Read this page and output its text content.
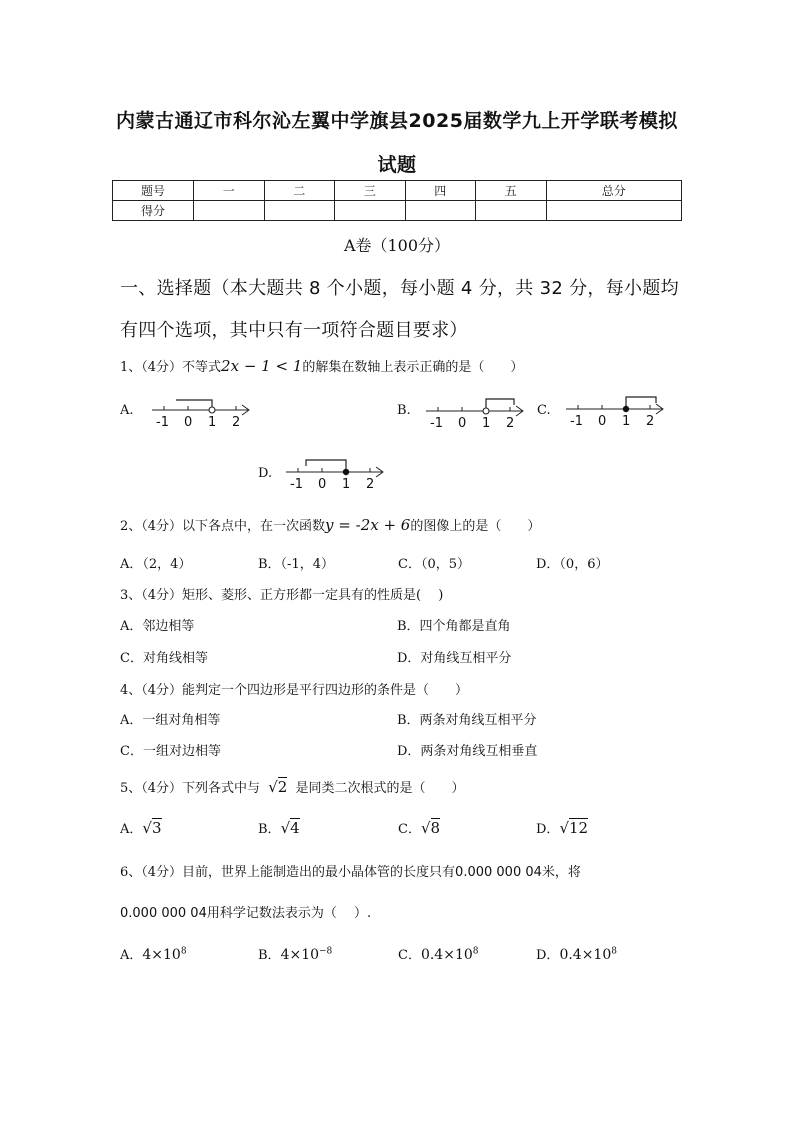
内蒙古通辽市科尔沁左翼中学旗县2025届数学九上开学联考模拟
试题
题号	一	二	三	四	五	总分
得分						
A卷（100分）
一、选择题（本大题共 8 个小题，每小题 4 分，共 32 分，每小题均
有四个选项，其中只有一项符合题目要求）
1、（4分）不等式2x − 1 < 1的解集在数轴上表示正确的是（　　）
A.
-1 0 1 2
B.
-1 0 1 2
C.
-1 0 1 2
D.
-1 0 1 2
2、（4分）以下各点中，在一次函数y = -2x + 6的图像上的是（　　）
A．（2，4）	B．（-1，4）	C．（0，5）	D．（0，6）
3、（4分）矩形、菱形、正方形都一定具有的性质是(　 )
A．邻边相等	B．四个角都是直角
C．对角线相等	D．对角线互相平分
4、（4分）能判定一个四边形是平行四边形的条件是（　　）
A．一组对角相等	B．两条对角线互相平分
C．一组对边相等	D．两条对角线互相垂直
5、（4分）下列各式中与 √2 是同类二次根式的是（　　）
A．√3	B．√4	C．√8	D．√12
6、（4分）目前，世界上能制造出的最小晶体管的长度只有0.000 000 04米，将
0.000 000 04用科学记数法表示为（　 ）.
A．$4\times 10^8$	B．$4\times 10^{-8}$	C．$0.4\times 10^8$	D．$0.4\times 10^8$
